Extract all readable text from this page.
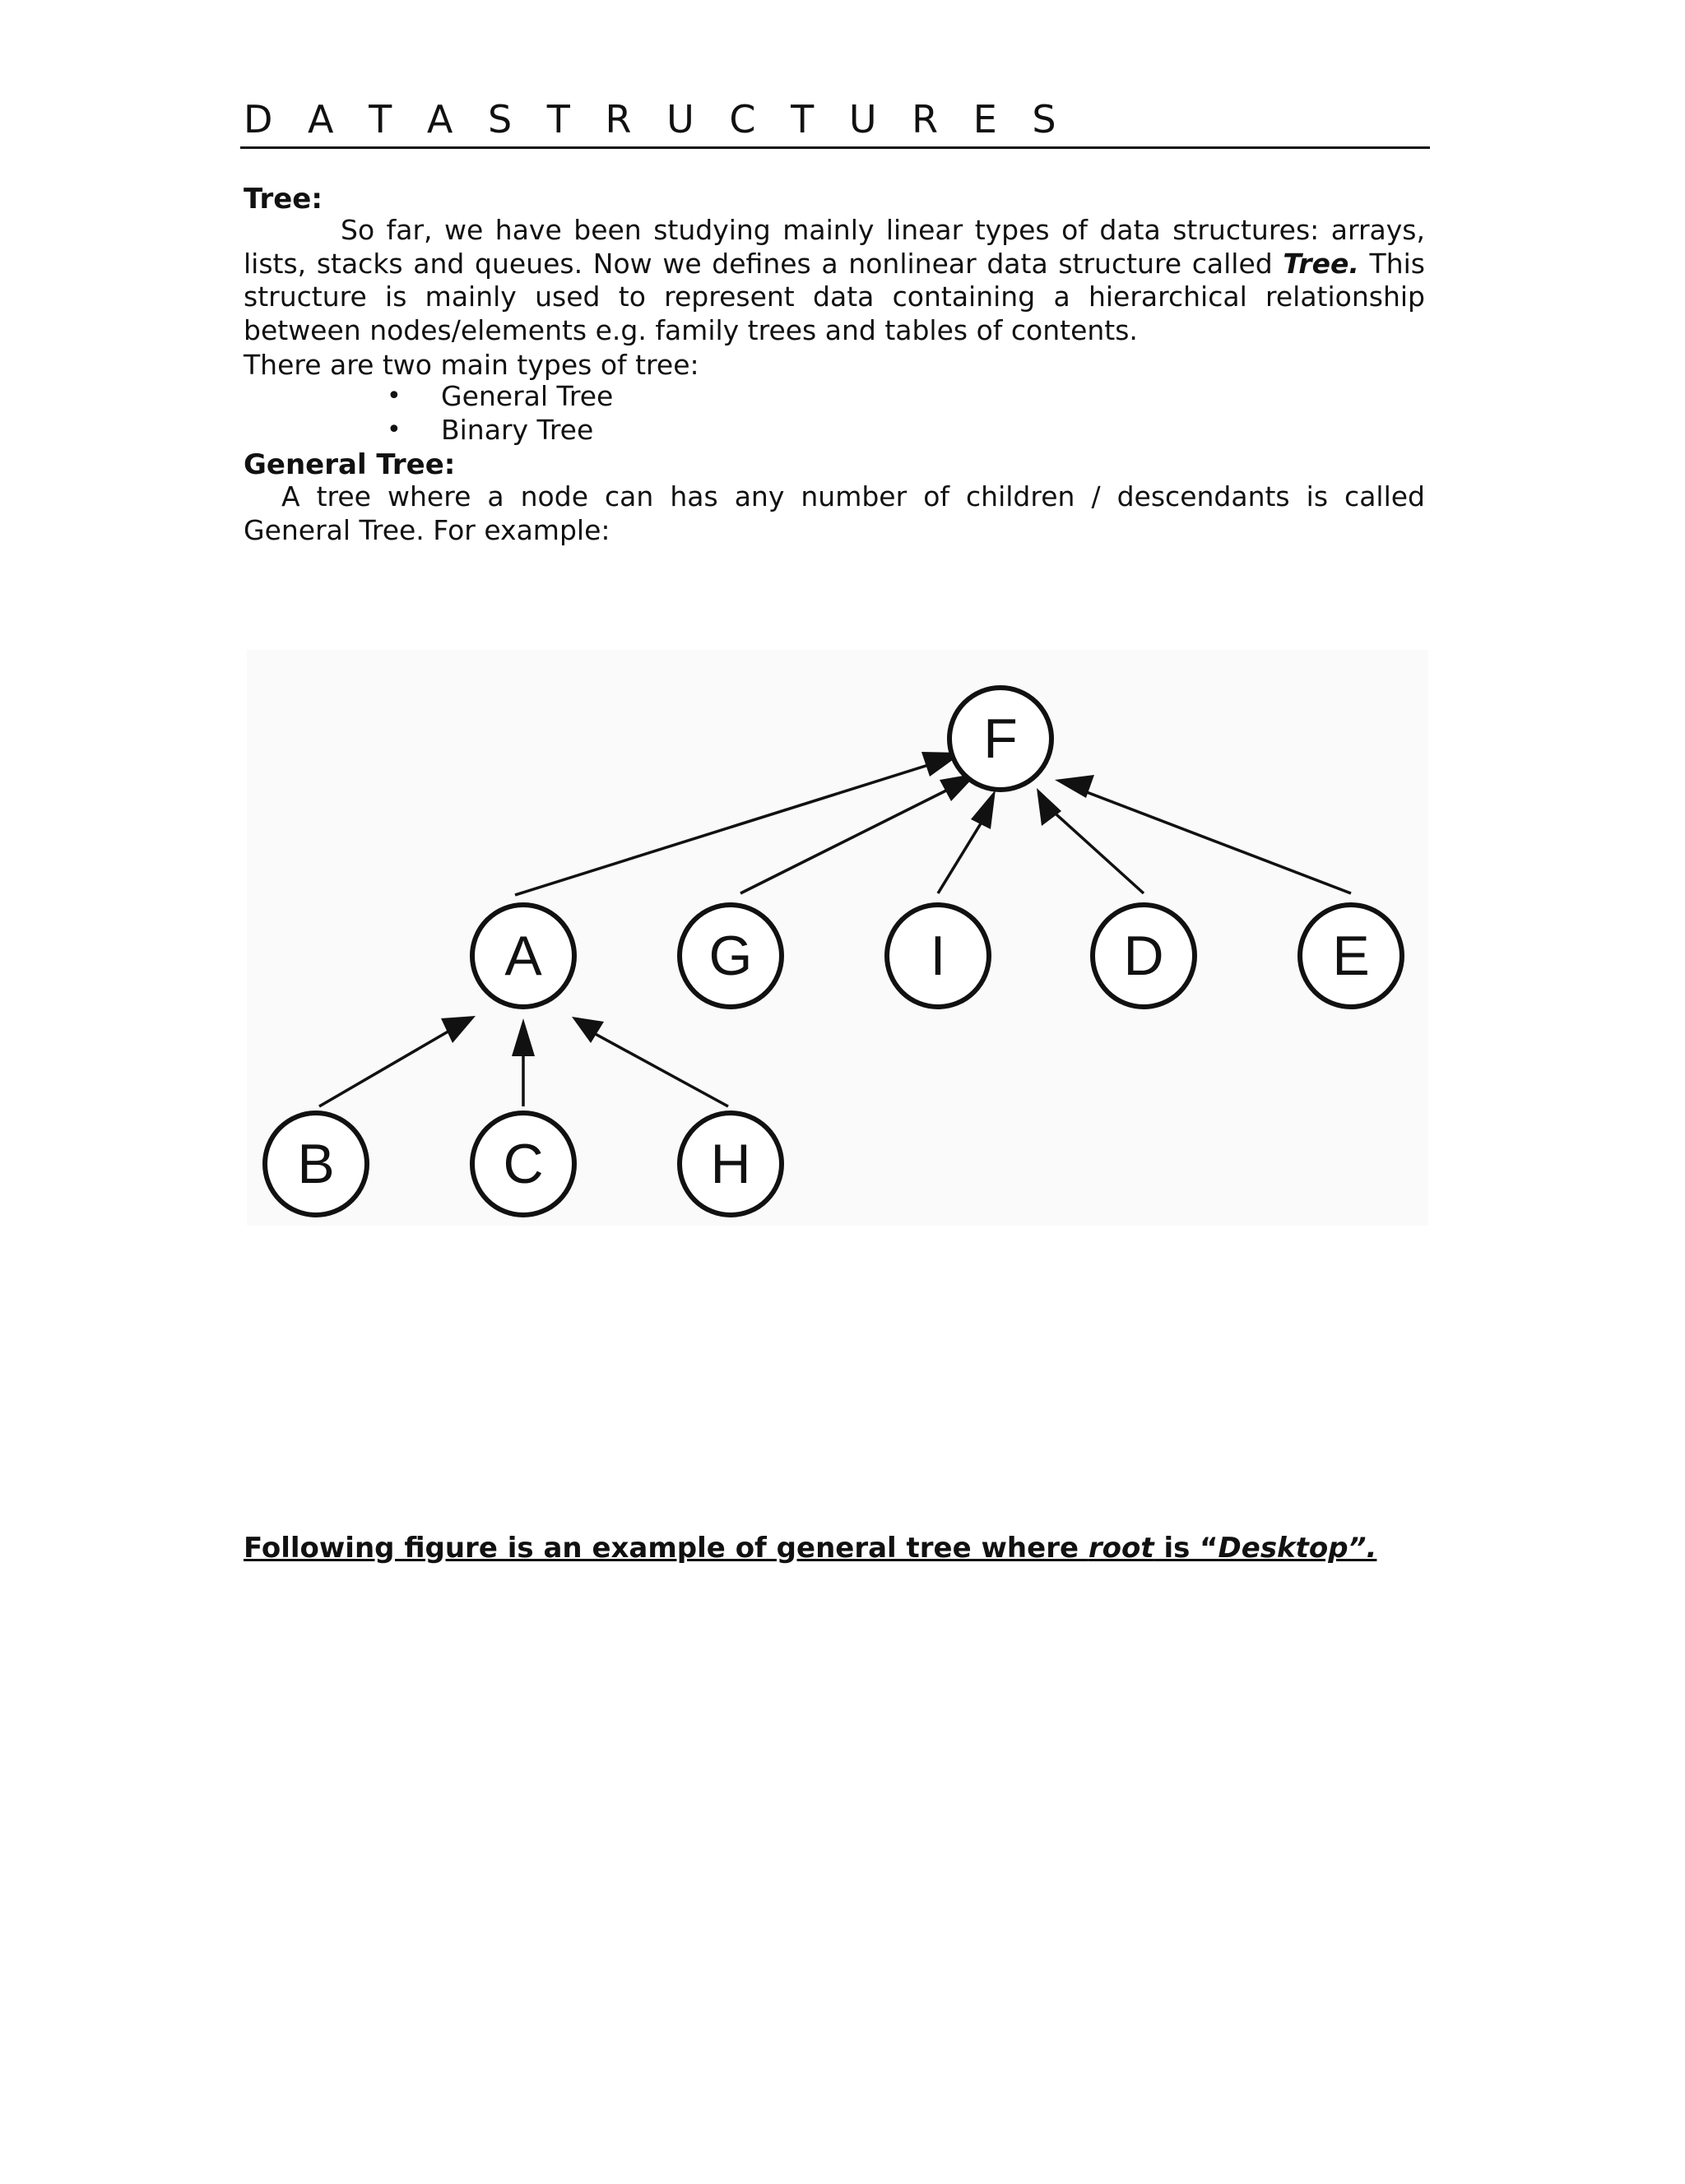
D A T A S T R U C T U R E S
Tree:
So far, we have been studying mainly linear types of data structures: arrays, lists, stacks and queues. Now we defines a nonlinear data structure called Tree. This structure is mainly used to represent data containing a hierarchical relationship between nodes/elements e.g. family trees and tables of contents.
There are two main types of tree:
• General Tree
• Binary Tree
General Tree:
A tree where a node can has any number of children / descendants is called General Tree. For example:
F
A	G	I	D	E
B	C	H
Following figure is an example of general tree where root is “Desktop”.
